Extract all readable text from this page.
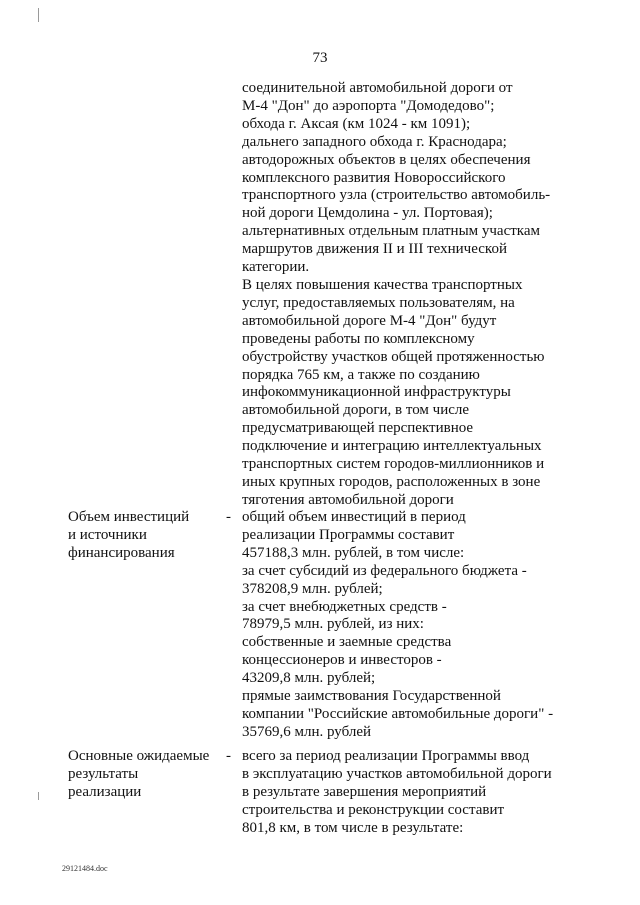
73
соединительной автомобильной дороги от
М-4 "Дон" до аэропорта "Домодедово";
обхода г. Аксая (км 1024 - км 1091);
дальнего западного обхода г. Краснодара;
автодорожных объектов в целях обеспечения
комплексного развития Новороссийского
транспортного узла (строительство автомобиль-
ной дороги Цемдолина - ул. Портовая);
альтернативных отдельным платным участкам
маршрутов движения II и III технической
категории.
В целях повышения качества транспортных
услуг, предоставляемых пользователям, на
автомобильной дороге М-4 "Дон" будут
проведены работы по комплексному
обустройству участков общей протяженностью
порядка 765 км, а также по созданию
инфокоммуникационной инфраструктуры
автомобильной дороги, в том числе
предусматривающей перспективное
подключение и интеграцию интеллектуальных
транспортных систем городов-миллионников и
иных крупных городов, расположенных в зоне
тяготения автомобильной дороги
Объем инвестиций
и источники
финансирования
- общий объем инвестиций в период
реализации Программы составит
457188,3 млн. рублей, в том числе:
за счет субсидий из федерального бюджета -
378208,9 млн. рублей;
за счет внебюджетных средств -
78979,5 млн. рублей, из них:
собственные и заемные средства
концессионеров и инвесторов -
43209,8 млн. рублей;
прямые заимствования Государственной
компании "Российские автомобильные дороги" -
35769,6 млн. рублей
Основные ожидаемые
результаты
реализации
- всего за период реализации Программы ввод
в эксплуатацию участков автомобильной дороги
в результате завершения мероприятий
строительства и реконструкции составит
801,8 км, в том числе в результате:
29121484.doc
